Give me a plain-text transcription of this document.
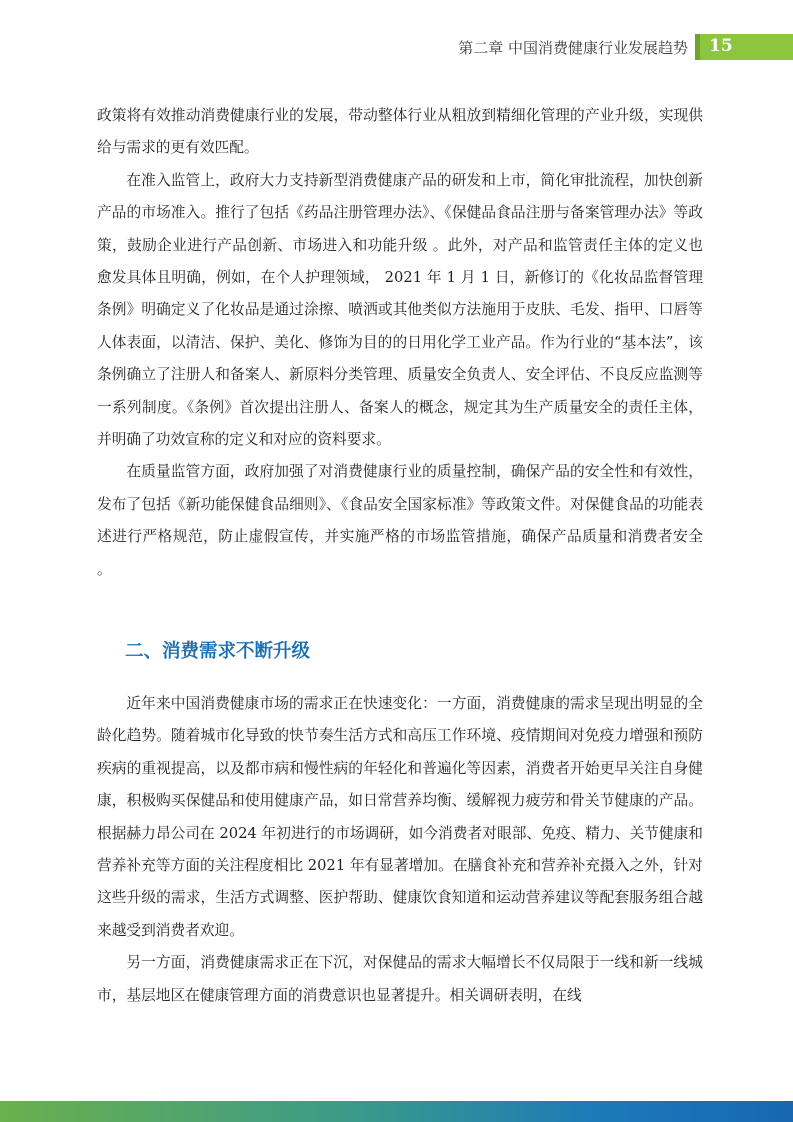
第二章 中国消费健康行业发展趋势 15

政策将有效推动消费健康行业的发展，带动整体行业从粗放到精细化管理的产业升级，实现供给与需求的更有效匹配。

在准入监管上，政府大力支持新型消费健康产品的研发和上市，简化审批流程，加快创新产品的市场准入。推行了包括《药品注册管理办法》、《保健品食品注册与备案管理办法》等政策，鼓励企业进行产品创新、市场进入和功能升级 。此外，对产品和监管责任主体的定义也愈发具体且明确，例如，在个人护理领域， 2021 年 1 月 1 日，新修订的《化妆品监督管理条例》明确定义了化妆品是通过涂擦、喷洒或其他类似方法施用于皮肤、毛发、指甲、口唇等人体表面，以清洁、保护、美化、修饰为目的的日用化学工业产品。作为行业的“基本法”，该条例确立了注册人和备案人、新原料分类管理、质量安全负责人、安全评估、不良反应监测等一系列制度。《条例》首次提出注册人、备案人的概念，规定其为生产质量安全的责任主体，并明确了功效宣称的定义和对应的资料要求。

在质量监管方面，政府加强了对消费健康行业的质量控制，确保产品的安全性和有效性，发布了包括《新功能保健食品细则》、《食品安全国家标准》等政策文件。对保健食品的功能表述进行严格规范，防止虚假宣传，并实施严格的市场监管措施，确保产品质量和消费者安全 。

二、消费需求不断升级

近年来中国消费健康市场的需求正在快速变化：一方面，消费健康的需求呈现出明显的全龄化趋势。随着城市化导致的快节奏生活方式和高压工作环境、疫情期间对免疫力增强和预防疾病的重视提高，以及都市病和慢性病的年轻化和普遍化等因素，消费者开始更早关注自身健康，积极购买保健品和使用健康产品，如日常营养均衡、缓解视力疲劳和骨关节健康的产品。根据赫力昂公司在 2024 年初进行的市场调研，如今消费者对眼部、免疫、精力、关节健康和营养补充等方面的关注程度相比 2021 年有显著增加。在膳食补充和营养补充摄入之外，针对这些升级的需求，生活方式调整、医护帮助、健康饮食知道和运动营养建议等配套服务组合越来越受到消费者欢迎。

另一方面，消费健康需求正在下沉，对保健品的需求大幅增长不仅局限于一线和新一线城市，基层地区在健康管理方面的消费意识也显著提升。相关调研表明，在线
